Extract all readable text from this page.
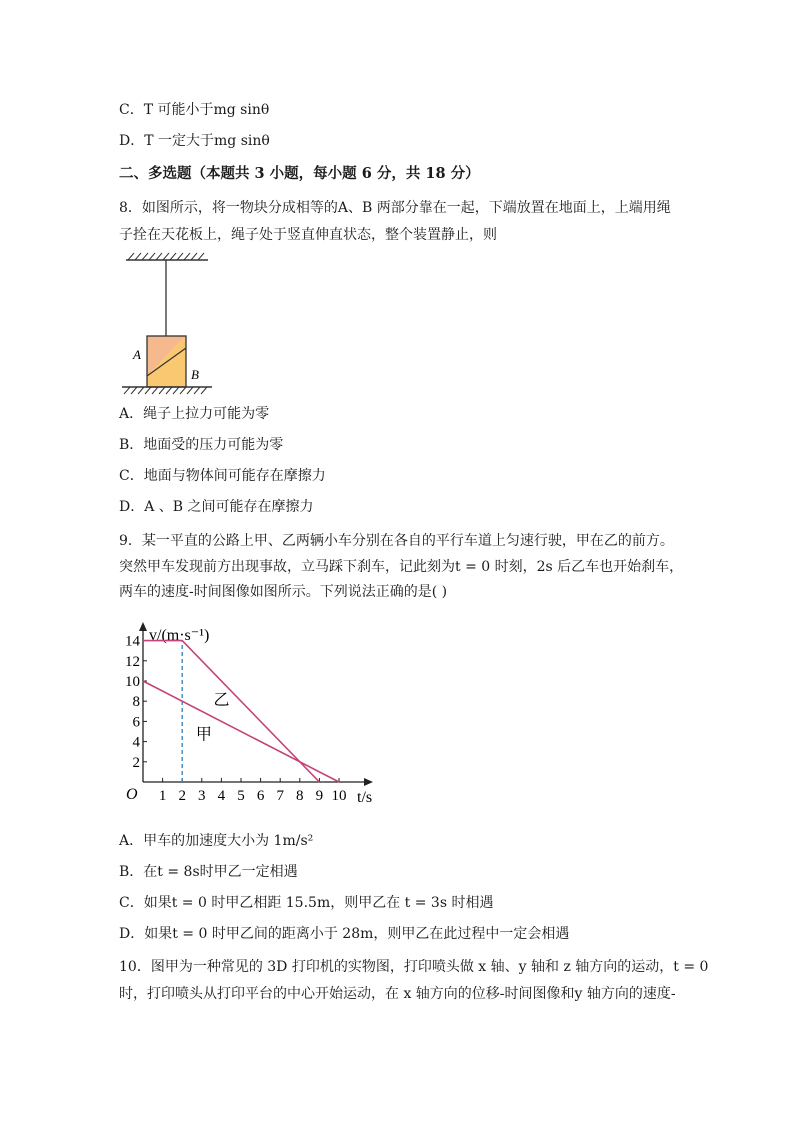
C．T 可能小于mg sinθ
D．T 一定大于mg sinθ
二、多选题（本题共 3 小题，每小题 6 分，共 18 分）
8．如图所示，将一物块分成相等的A、B 两部分靠在一起，下端放置在地面上，上端用绳
子拴在天花板上，绳子处于竖直伸直状态，整个装置静止，则
A
B
A．绳子上拉力可能为零
B．地面受的压力可能为零
C．地面与物体间可能存在摩擦力
D．A 、B 之间可能存在摩擦力
9．某一平直的公路上甲、乙两辆小车分别在各自的平行车道上匀速行驶，甲在乙的前方。
突然甲车发现前方出现事故，立马踩下刹车，记此刻为t = 0 时刻，2s 后乙车也开始刹车，
两车的速度-时间图像如图所示。下列说法正确的是( )
O 1 2 3 4 5 6 7 8 9 10
2
4
6
8
10
12
14
t/s
v/(m·s⁻¹)
乙
甲
A．甲车的加速度大小为 1m/s²
B．在t = 8s时甲乙一定相遇
C．如果t = 0 时甲乙相距 15.5m，则甲乙在 t = 3s 时相遇
D．如果t = 0 时甲乙间的距离小于 28m，则甲乙在此过程中一定会相遇
10．图甲为一种常见的 3D 打印机的实物图，打印喷头做 x 轴、y 轴和 z 轴方向的运动，t = 0
时，打印喷头从打印平台的中心开始运动，在 x 轴方向的位移-时间图像和y 轴方向的速度-
